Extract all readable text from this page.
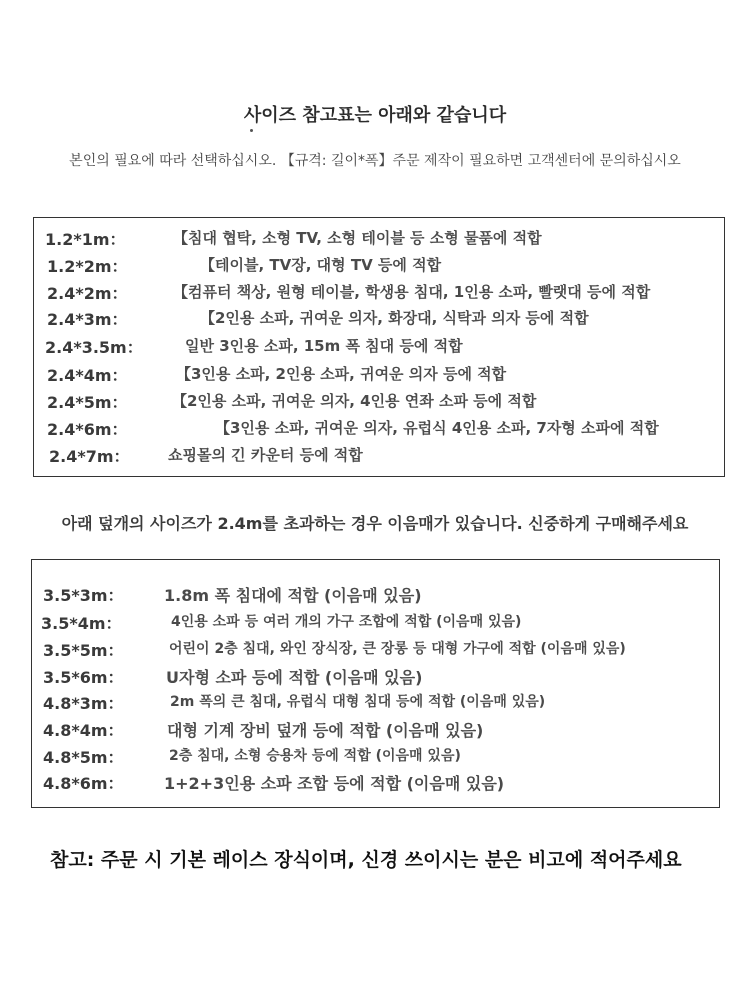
사이즈 참고표는 아래와 같습니다
본인의 필요에 따라 선택하십시오. 【규격: 길이*폭】주문 제작이 필요하면 고객센터에 문의하십시오
1.2*1m：	【침대 협탁, 소형 TV, 소형 테이블 등 소형 물품에 적합
1.2*2m：	【테이블, TV장, 대형 TV 등에 적합
2.4*2m：	【컴퓨터 책상, 원형 테이블, 학생용 침대, 1인용 소파, 빨랫대 등에 적합
2.4*3m：	【2인용 소파, 귀여운 의자, 화장대, 식탁과 의자 등에 적합
2.4*3.5m：	일반 3인용 소파, 15m 폭 침대 등에 적합
2.4*4m：	【3인용 소파, 2인용 소파, 귀여운 의자 등에 적합
2.4*5m：	【2인용 소파, 귀여운 의자, 4인용 연좌 소파 등에 적합
2.4*6m：	【3인용 소파, 귀여운 의자, 유럽식 4인용 소파, 7자형 소파에 적합
2.4*7m：	쇼핑몰의 긴 카운터 등에 적합
아래 덮개의 사이즈가 2.4m를 초과하는 경우 이음매가 있습니다. 신중하게 구매해주세요
3.5*3m：	1.8m 폭 침대에 적합 (이음매 있음)
3.5*4m：	4인용 소파 등 여러 개의 가구 조합에 적합 (이음매 있음)
3.5*5m：	어린이 2층 침대, 와인 장식장, 큰 장롱 등 대형 가구에 적합 (이음매 있음)
3.5*6m：	U자형 소파 등에 적합 (이음매 있음)
4.8*3m：	2m 폭의 큰 침대, 유럽식 대형 침대 등에 적합 (이음매 있음)
4.8*4m：	대형 기계 장비 덮개 등에 적합 (이음매 있음)
4.8*5m：	2층 침대, 소형 승용차 등에 적합 (이음매 있음)
4.8*6m：	1+2+3인용 소파 조합 등에 적합 (이음매 있음)
참고: 주문 시 기본 레이스 장식이며, 신경 쓰이시는 분은 비고에 적어주세요
